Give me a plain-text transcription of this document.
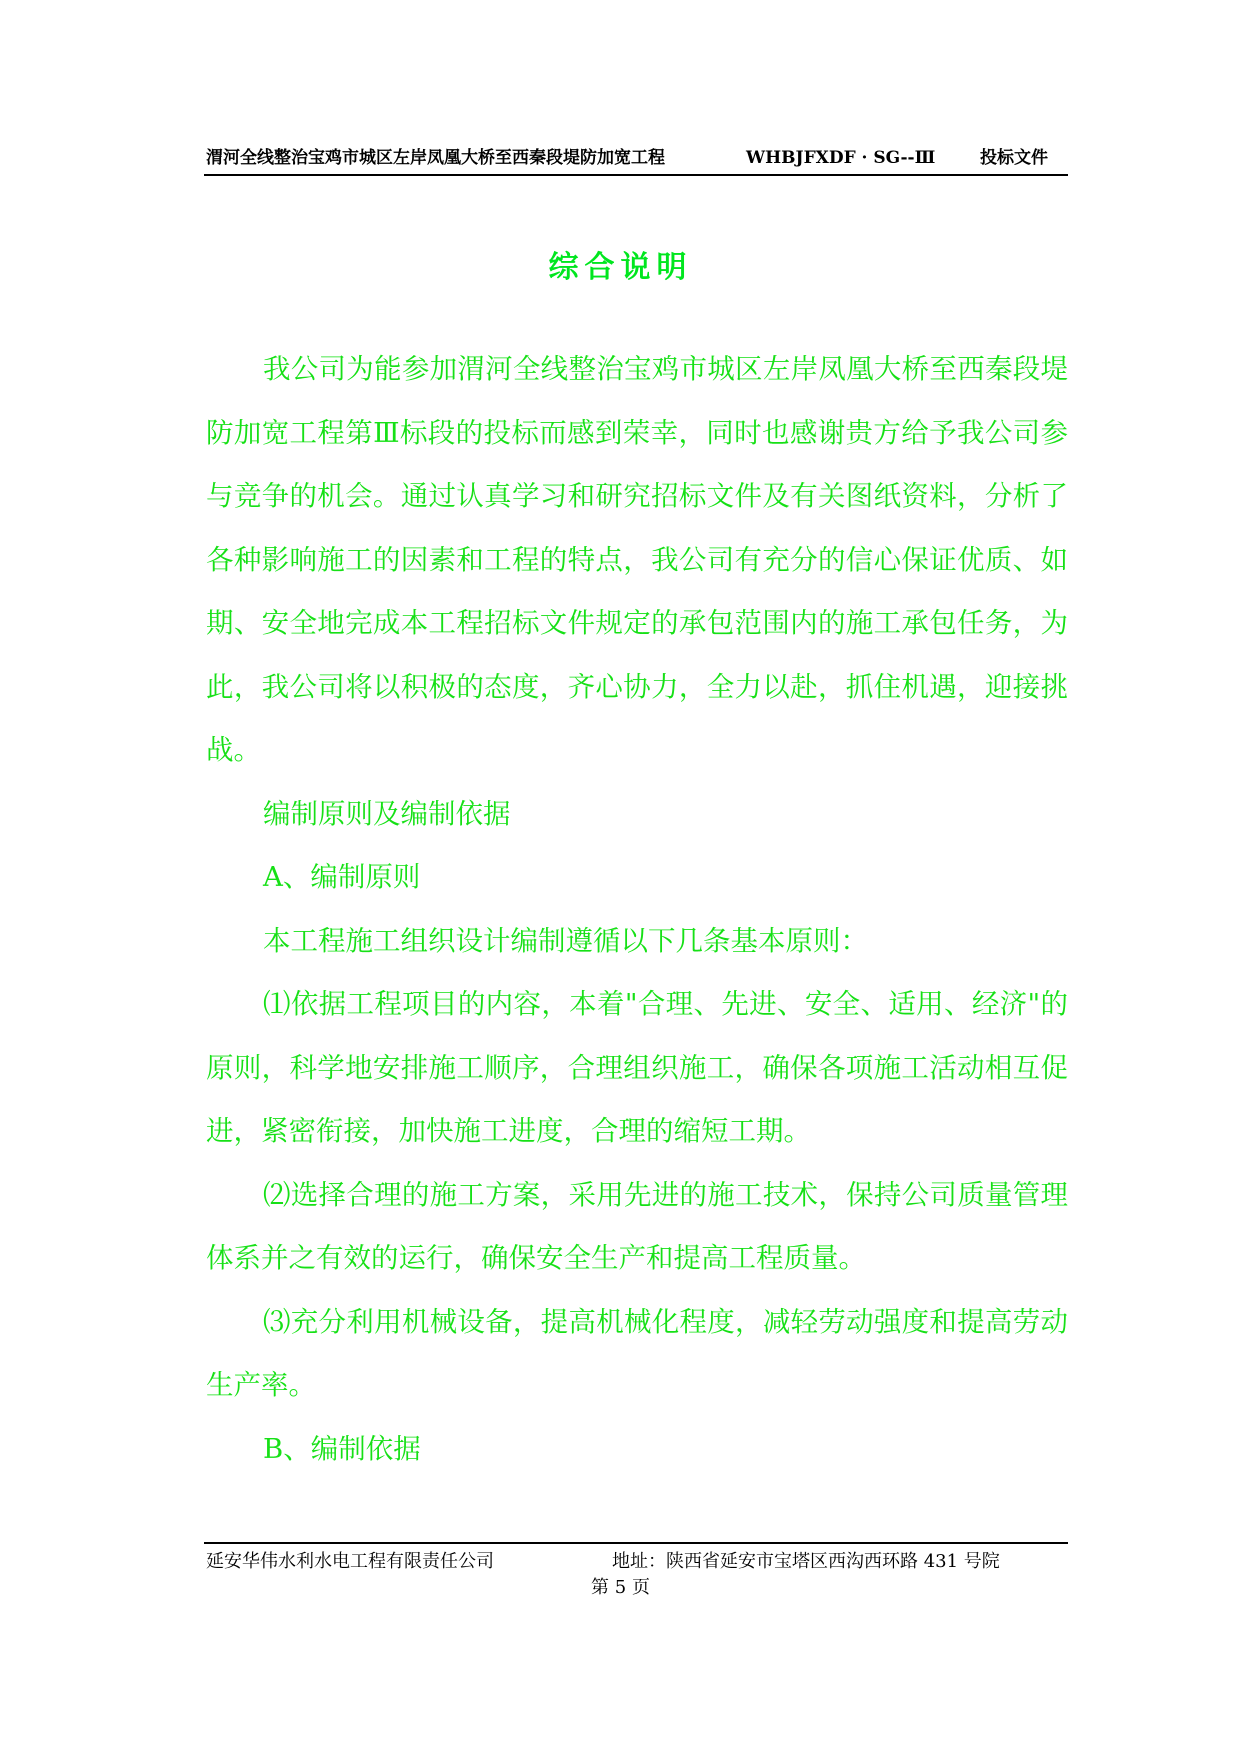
渭河全线整治宝鸡市城区左岸凤凰大桥至西秦段堤防加宽工程	WHBJFXDF · SG--Ⅲ	投标文件
综合说明

我公司为能参加渭河全线整治宝鸡市城区左岸凤凰大桥至西秦段堤防加宽工程第Ⅲ标段的投标而感到荣幸，同时也感谢贵方给予我公司参与竞争的机会。通过认真学习和研究招标文件及有关图纸资料，分析了各种影响施工的因素和工程的特点，我公司有充分的信心保证优质、如期、安全地完成本工程招标文件规定的承包范围内的施工承包任务，为此，我公司将以积极的态度，齐心协力，全力以赴，抓住机遇，迎接挑战。

编制原则及编制依据

A、编制原则

本工程施工组织设计编制遵循以下几条基本原则：

⑴依据工程项目的内容，本着"合理、先进、安全、适用、经济"的原则，科学地安排施工顺序，合理组织施工，确保各项施工活动相互促进，紧密衔接，加快施工进度，合理的缩短工期。

⑵选择合理的施工方案，采用先进的施工技术，保持公司质量管理体系并之有效的运行，确保安全生产和提高工程质量。

⑶充分利用机械设备，提高机械化程度，减轻劳动强度和提高劳动生产率。

B、编制依据

延安华伟水利水电工程有限责任公司	地址：陕西省延安市宝塔区西沟西环路 431 号院
第 5 页
